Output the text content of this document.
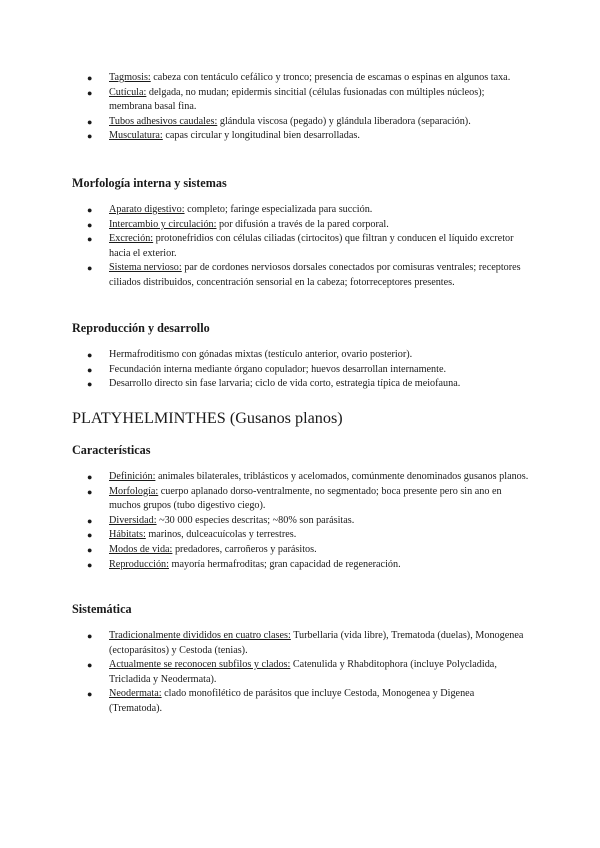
● Tagmosis: cabeza con tentáculo cefálico y tronco; presencia de escamas o espinas en algunos taxa.
● Cutícula: delgada, no mudan; epidermis sincitial (células fusionadas con múltiples núcleos); membrana basal fina.
● Tubos adhesivos caudales: glándula viscosa (pegado) y glándula liberadora (separación).
● Musculatura: capas circular y longitudinal bien desarrolladas.
Morfología interna y sistemas
● Aparato digestivo: completo; faringe especializada para succión.
● Intercambio y circulación: por difusión a través de la pared corporal.
● Excreción: protonefridios con células ciliadas (cirtocitos) que filtran y conducen el líquido excretor hacia el exterior.
● Sistema nervioso: par de cordones nerviosos dorsales conectados por comisuras ventrales; receptores ciliados distribuidos, concentración sensorial en la cabeza; fotorreceptores presentes.
Reproducción y desarrollo
● Hermafroditismo con gónadas mixtas (testículo anterior, ovario posterior).
● Fecundación interna mediante órgano copulador; huevos desarrollan internamente.
● Desarrollo directo sin fase larvaria; ciclo de vida corto, estrategia típica de meiofauna.
PLATYHELMINTHES (Gusanos planos)
Características
● Definición: animales bilaterales, triblásticos y acelomados, comúnmente denominados gusanos planos.
● Morfología: cuerpo aplanado dorso-ventralmente, no segmentado; boca presente pero sin ano en muchos grupos (tubo digestivo ciego).
● Diversidad: ~30 000 especies descritas; ~80% son parásitas.
● Hábitats: marinos, dulceacuícolas y terrestres.
● Modos de vida: predadores, carroñeros y parásitos.
● Reproducción: mayoría hermafroditas; gran capacidad de regeneración.
Sistemática
● Tradicionalmente divididos en cuatro clases: Turbellaria (vida libre), Trematoda (duelas), Monogenea (ectoparásitos) y Cestoda (tenias).
● Actualmente se reconocen subfilos y clados: Catenulida y Rhabditophora (incluye Polycladida, Tricladida y Neodermata).
● Neodermata: clado monofilético de parásitos que incluye Cestoda, Monogenea y Digenea (Trematoda).
